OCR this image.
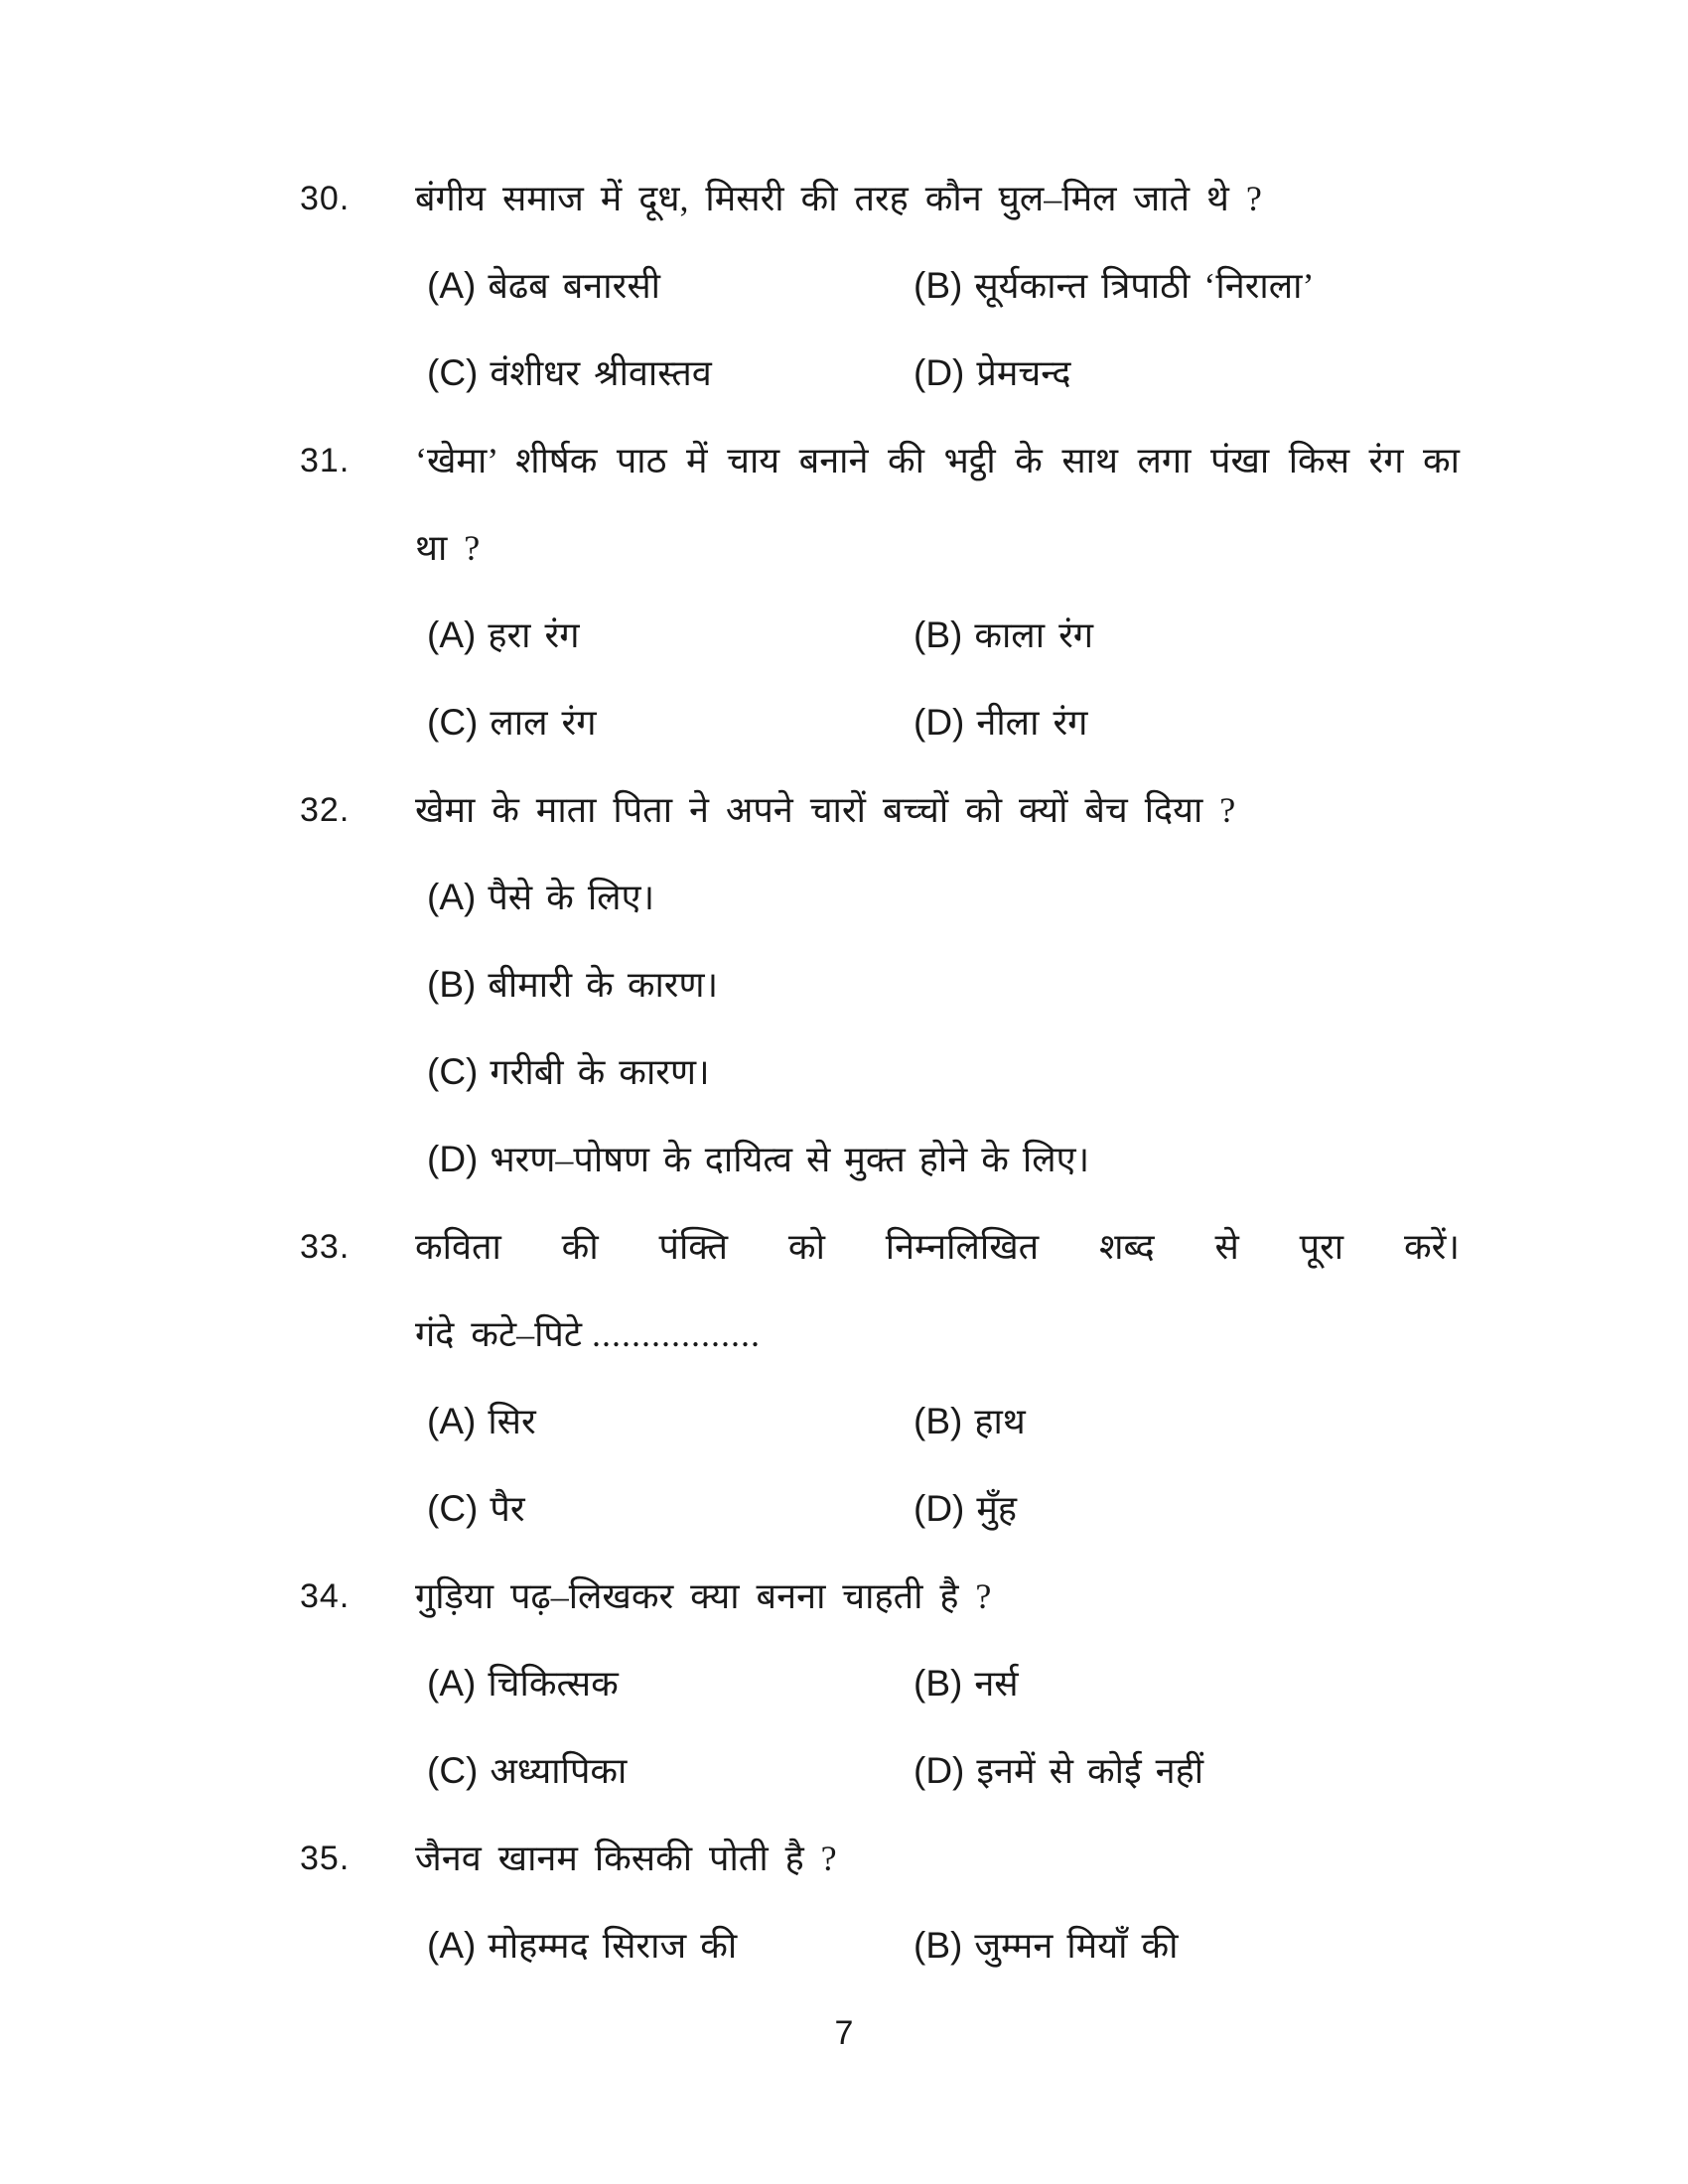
30.	बंगीय समाज में दूध, मिसरी की तरह कौन घुल–मिल जाते थे ?
(A) बेढब बनारसी	(B) सूर्यकान्त त्रिपाठी ‘निराला’
(C) वंशीधर श्रीवास्तव	(D) प्रेमचन्द
31.	‘खेमा’ शीर्षक पाठ में चाय बनाने की भट्ठी के साथ लगा पंखा किस रंग का
था ?
(A) हरा रंग	(B) काला रंग
(C) लाल रंग	(D) नीला रंग
32.	खेमा के माता पिता ने अपने चारों बच्चों को क्यों बेच दिया ?
(A) पैसे के लिए।
(B) बीमारी के कारण।
(C) गरीबी के कारण।
(D) भरण–पोषण के दायित्व से मुक्त होने के लिए।
33.	कविता की पंक्ति को निम्नलिखित शब्द से पूरा करें।
गंदे कटे–पिटे .................
(A) सिर	(B) हाथ
(C) पैर	(D) मुँह
34.	गुड़िया पढ़–लिखकर क्या बनना चाहती है ?
(A) चिकित्सक	(B) नर्स
(C) अध्यापिका	(D) इनमें से कोई नहीं
35.	जैनव खानम किसकी पोती है ?
(A) मोहम्मद सिराज की	(B) जुम्मन मियाँ की
7
